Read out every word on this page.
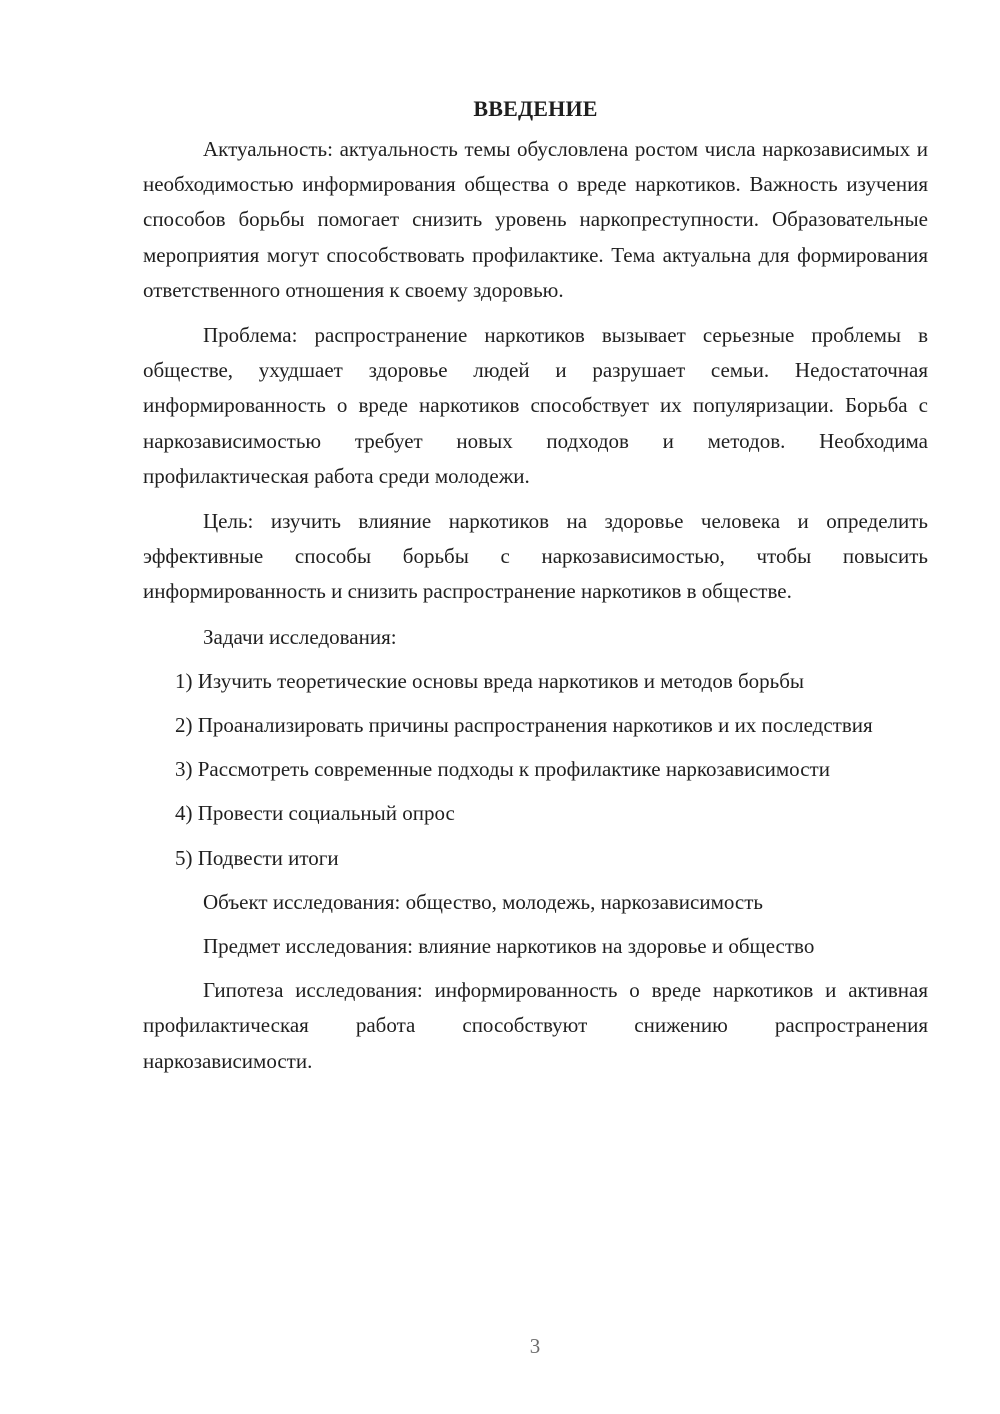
ВВЕДЕНИЕ

Актуальность: актуальность темы обусловлена ростом числа наркозависимых и необходимостью информирования общества о вреде наркотиков. Важность изучения способов борьбы помогает снизить уровень наркопреступности. Образовательные мероприятия могут способствовать профилактике. Тема актуальна для формирования ответственного отношения к своему здоровью.

Проблема: распространение наркотиков вызывает серьезные проблемы в обществе, ухудшает здоровье людей и разрушает семьи. Недостаточная информированность о вреде наркотиков способствует их популяризации. Борьба с наркозависимостью требует новых подходов и методов. Необходима профилактическая работа среди молодежи.

Цель: изучить влияние наркотиков на здоровье человека и определить эффективные способы борьбы с наркозависимостью, чтобы повысить информированность и снизить распространение наркотиков в обществе.

Задачи исследования:

1) Изучить теоретические основы вреда наркотиков и методов борьбы

2) Проанализировать причины распространения наркотиков и их последствия

3) Рассмотреть современные подходы к профилактике наркозависимости

4) Провести социальный опрос

5) Подвести итоги

Объект исследования: общество, молодежь, наркозависимость

Предмет исследования: влияние наркотиков на здоровье и общество

Гипотеза исследования: информированность о вреде наркотиков и активная профилактическая работа способствуют снижению распространения наркозависимости.

3
